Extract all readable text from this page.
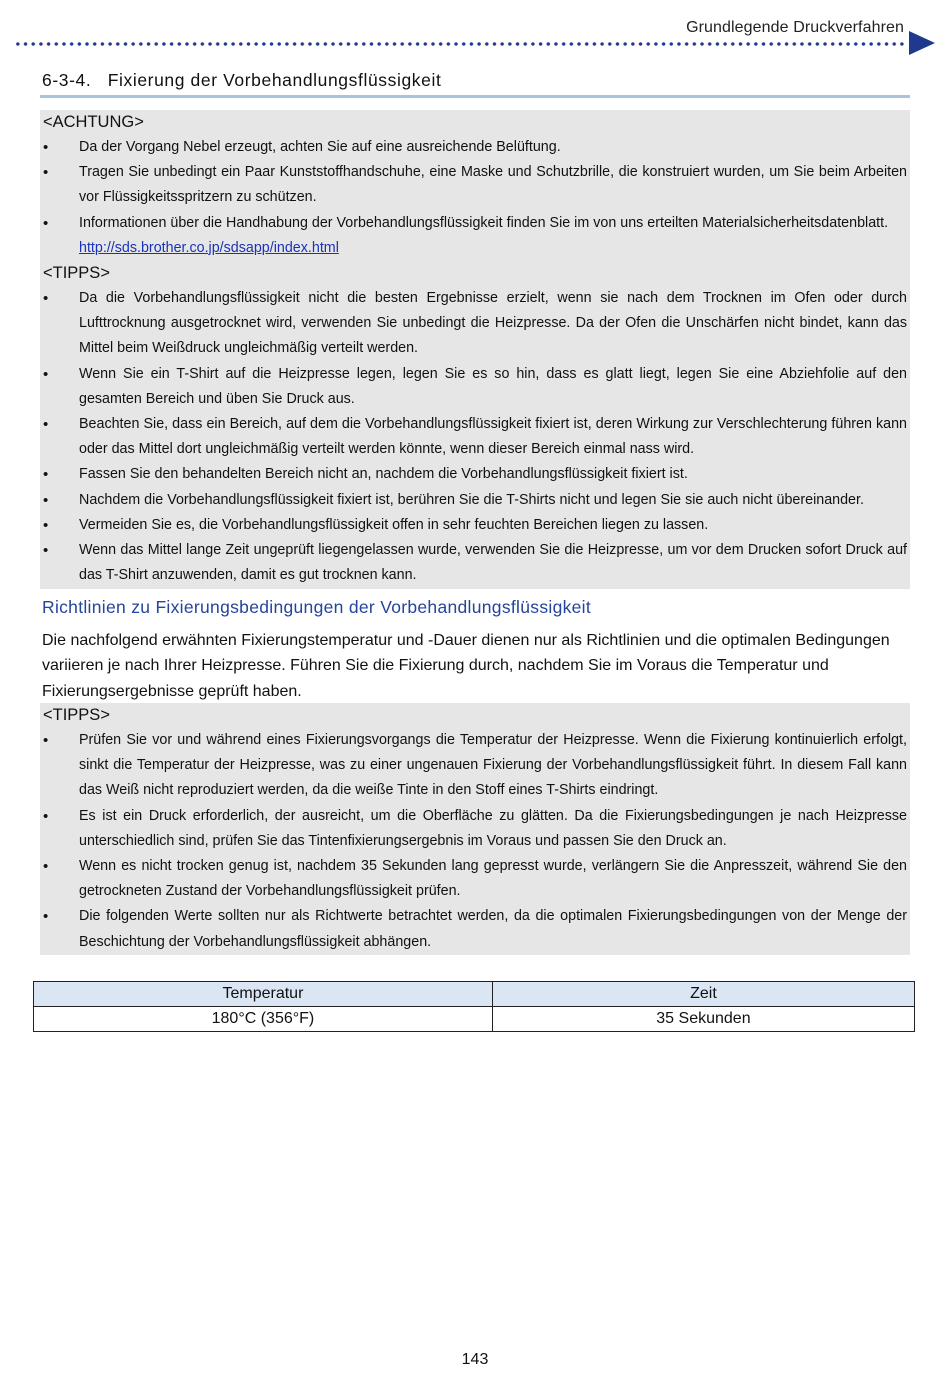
Grundlegende Druckverfahren
6-3-4.   Fixierung der Vorbehandlungsflüssigkeit
<ACHTUNG>
• Da der Vorgang Nebel erzeugt, achten Sie auf eine ausreichende Belüftung.
• Tragen Sie unbedingt ein Paar Kunststoffhandschuhe, eine Maske und Schutzbrille, die konstruiert wurden, um Sie beim Arbeiten vor Flüssigkeitsspritzern zu schützen.
• Informationen über die Handhabung der Vorbehandlungsflüssigkeit finden Sie im von uns erteilten Materialsicherheitsdatenblatt.
http://sds.brother.co.jp/sdsapp/index.html
<TIPPS>
• Da die Vorbehandlungsflüssigkeit nicht die besten Ergebnisse erzielt, wenn sie nach dem Trocknen im Ofen oder durch Lufttrocknung ausgetrocknet wird, verwenden Sie unbedingt die Heizpresse. Da der Ofen die Unschärfen nicht bindet, kann das Mittel beim Weißdruck ungleichmäßig verteilt werden.
• Wenn Sie ein T-Shirt auf die Heizpresse legen, legen Sie es so hin, dass es glatt liegt, legen Sie eine Abziehfolie auf den gesamten Bereich und üben Sie Druck aus.
• Beachten Sie, dass ein Bereich, auf dem die Vorbehandlungsflüssigkeit fixiert ist, deren Wirkung zur Verschlechterung führen kann oder das Mittel dort ungleichmäßig verteilt werden könnte, wenn dieser Bereich einmal nass wird.
• Fassen Sie den behandelten Bereich nicht an, nachdem die Vorbehandlungsflüssigkeit fixiert ist.
• Nachdem die Vorbehandlungsflüssigkeit fixiert ist, berühren Sie die T-Shirts nicht und legen Sie sie auch nicht übereinander.
• Vermeiden Sie es, die Vorbehandlungsflüssigkeit offen in sehr feuchten Bereichen liegen zu lassen.
• Wenn das Mittel lange Zeit ungeprüft liegengelassen wurde, verwenden Sie die Heizpresse, um vor dem Drucken sofort Druck auf das T-Shirt anzuwenden, damit es gut trocknen kann.
Richtlinien zu Fixierungsbedingungen der Vorbehandlungsflüssigkeit
Die nachfolgend erwähnten Fixierungstemperatur und -Dauer dienen nur als Richtlinien und die optimalen Bedingungen variieren je nach Ihrer Heizpresse. Führen Sie die Fixierung durch, nachdem Sie im Voraus die Temperatur und Fixierungsergebnisse geprüft haben.
<TIPPS>
• Prüfen Sie vor und während eines Fixierungsvorgangs die Temperatur der Heizpresse. Wenn die Fixierung kontinuierlich erfolgt, sinkt die Temperatur der Heizpresse, was zu einer ungenauen Fixierung der Vorbehandlungsflüssigkeit führt. In diesem Fall kann das Weiß nicht reproduziert werden, da die weiße Tinte in den Stoff eines T-Shirts eindringt.
• Es ist ein Druck erforderlich, der ausreicht, um die Oberfläche zu glätten. Da die Fixierungsbedingungen je nach Heizpresse unterschiedlich sind, prüfen Sie das Tintenfixierungsergebnis im Voraus und passen Sie den Druck an.
• Wenn es nicht trocken genug ist, nachdem 35 Sekunden lang gepresst wurde, verlängern Sie die Anpresszeit, während Sie den getrockneten Zustand der Vorbehandlungsflüssigkeit prüfen.
• Die folgenden Werte sollten nur als Richtwerte betrachtet werden, da die optimalen Fixierungsbedingungen von der Menge der Beschichtung der Vorbehandlungsflüssigkeit abhängen.
Temperatur	Zeit
180°C (356°F)	35 Sekunden
143
